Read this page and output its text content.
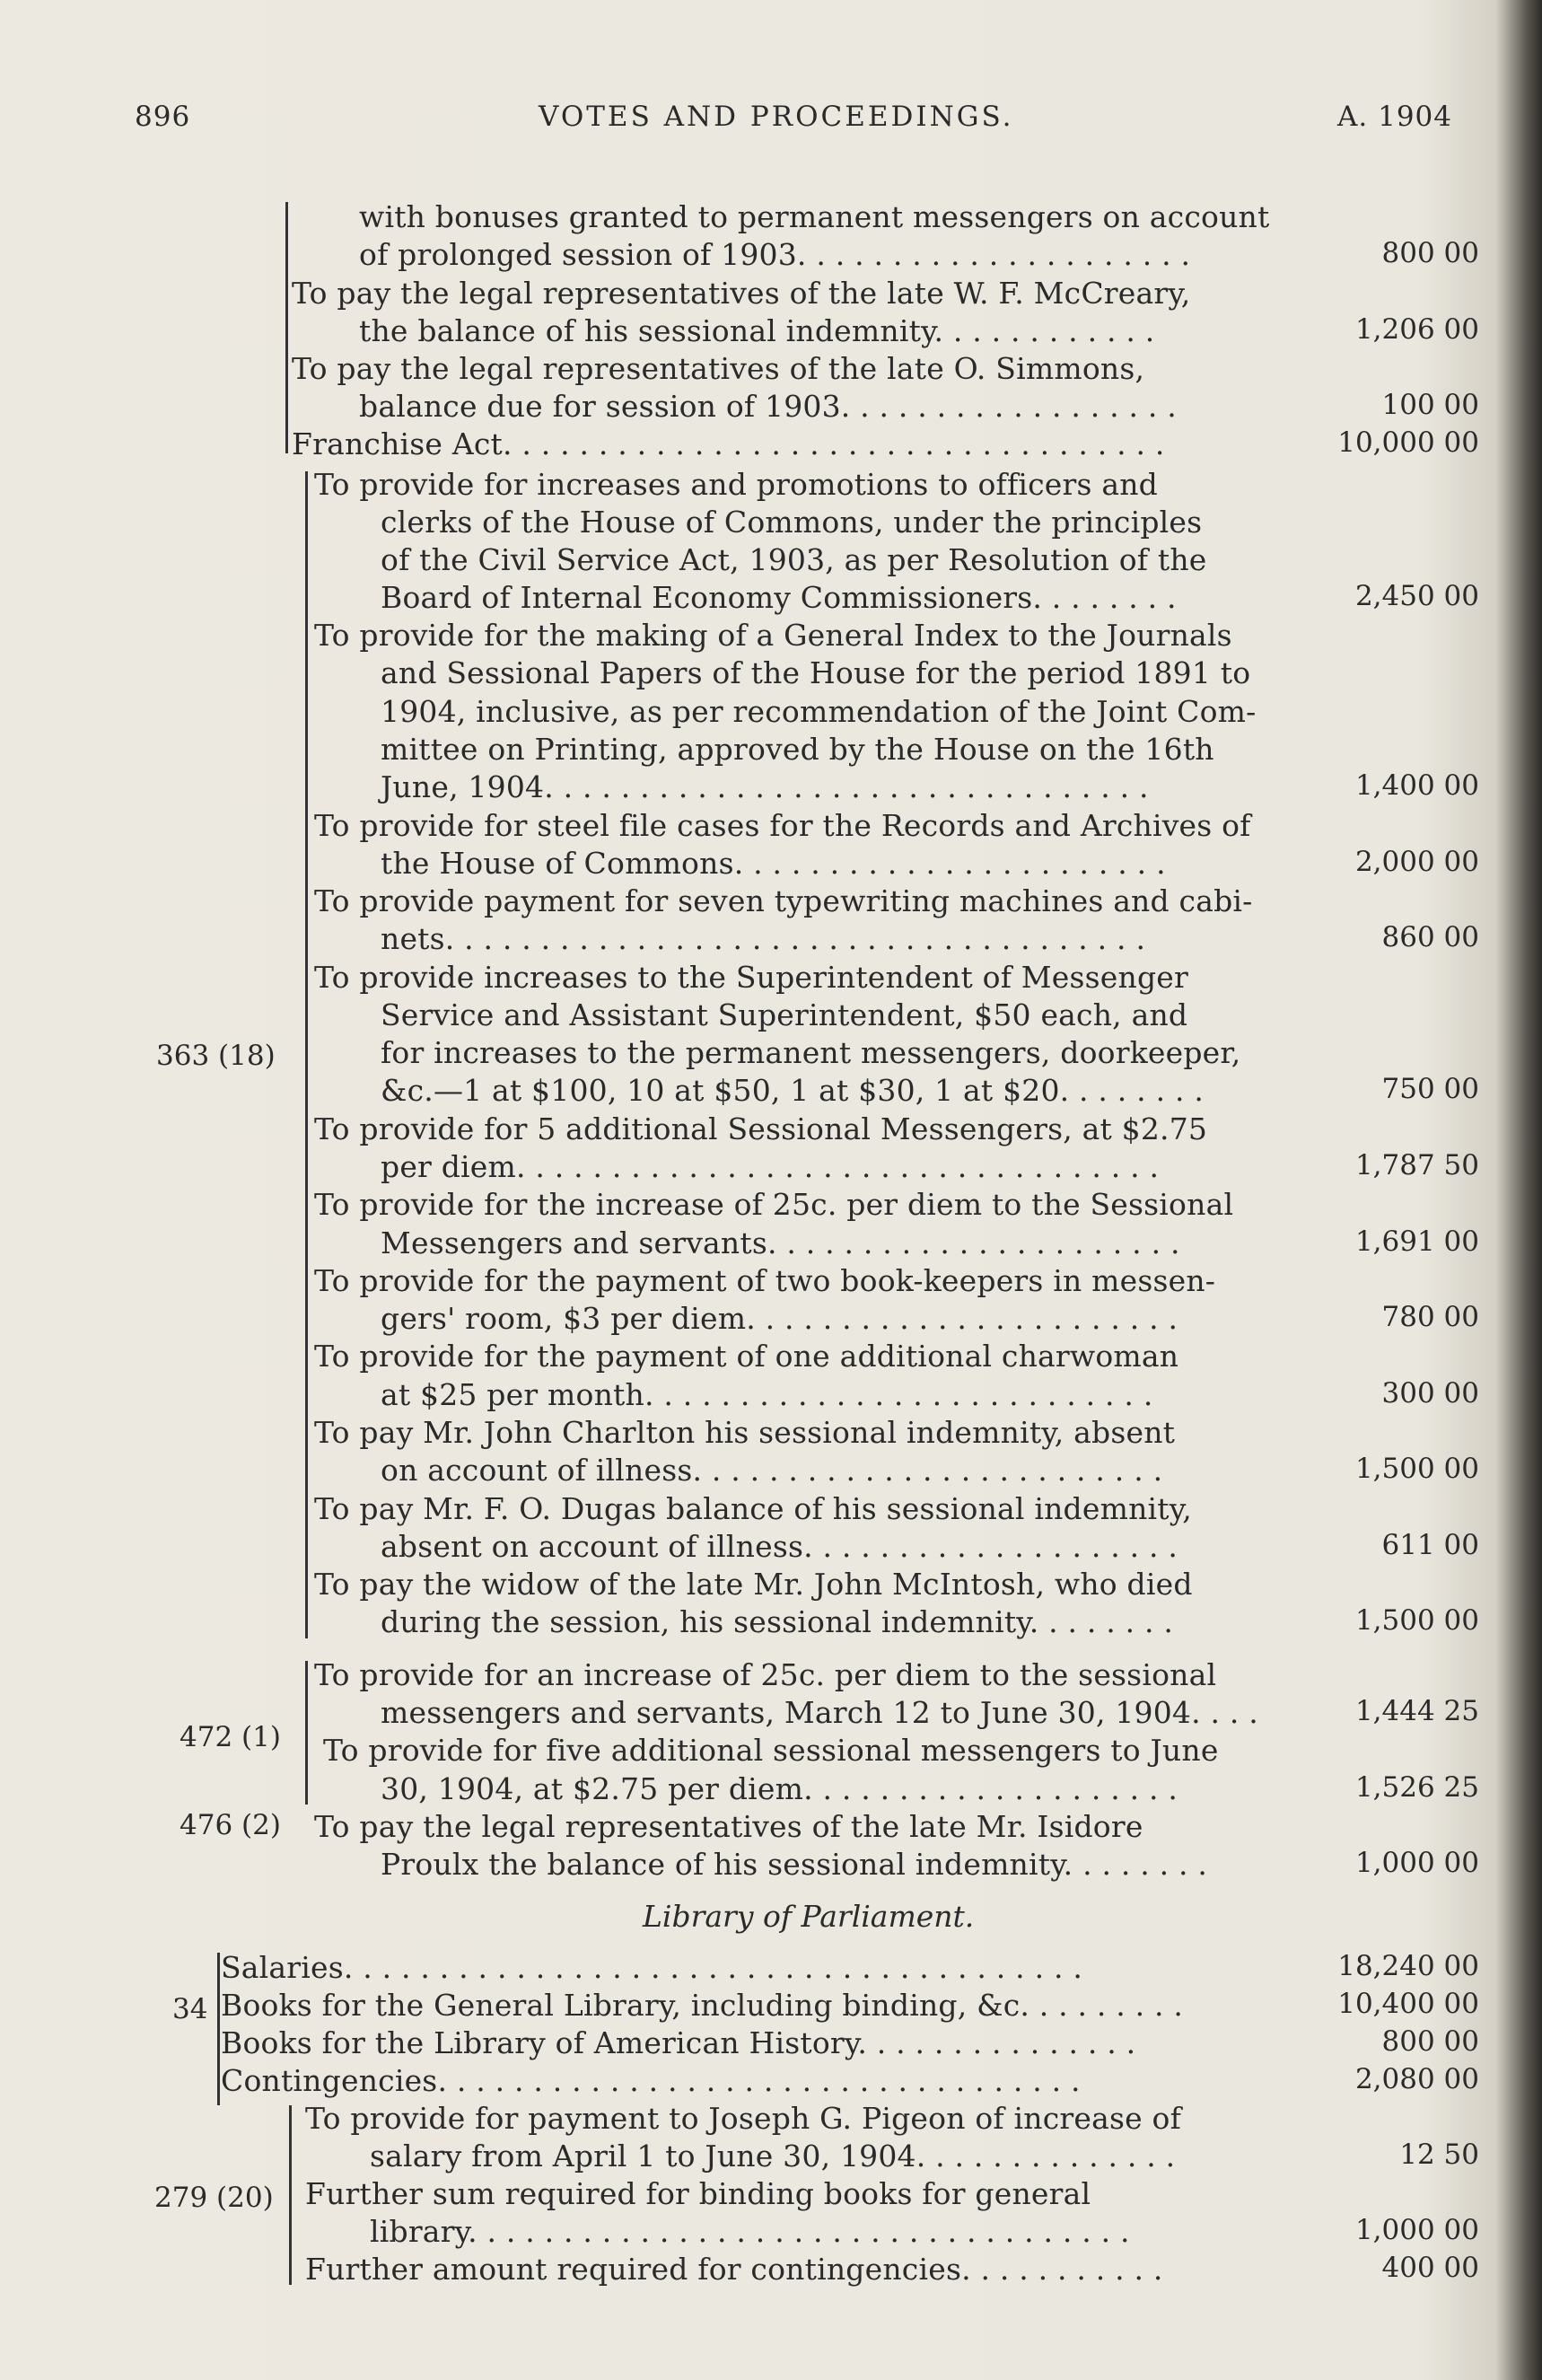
896	VOTES AND PROCEEDINGS.	A. 1904
363 (18)
472 (1)
476 (2)
34
279 (20)
Library of Parliament.
with bonuses granted to permanent messengers on account
of prolonged session of 1903. . . . . . . . . . . . . . . . . . . . .
To pay the legal representatives of the late W. F. McCreary,
the balance of his sessional indemnity. . . . . . . . . . . .
To pay the legal representatives of the late O. Simmons,
balance due for session of 1903. . . . . . . . . . . . . . . . . .
Franchise Act. . . . . . . . . . . . . . . . . . . . . . . . . . . . . . . . . . .
To provide for increases and promotions to officers and
clerks of the House of Commons, under the principles
of the Civil Service Act, 1903, as per Resolution of the
Board of Internal Economy Commissioners. . . . . . . .
To provide for the making of a General Index to the Journals
and Sessional Papers of the House for the period 1891 to
1904, inclusive, as per recommendation of the Joint Com-
mittee on Printing, approved by the House on the 16th
June, 1904. . . . . . . . . . . . . . . . . . . . . . . . . . . . . . . .
To provide for steel file cases for the Records and Archives of
the House of Commons. . . . . . . . . . . . . . . . . . . . . . .
To provide payment for seven typewriting machines and cabi-
nets. . . . . . . . . . . . . . . . . . . . . . . . . . . . . . . . . . . . .
To provide increases to the Superintendent of Messenger
Service and Assistant Superintendent, $50 each, and
for increases to the permanent messengers, doorkeeper,
&c.—1 at $100, 10 at $50, 1 at $30, 1 at $20. . . . . . . .
To provide for 5 additional Sessional Messengers, at $2.75
per diem. . . . . . . . . . . . . . . . . . . . . . . . . . . . . . . . . .
To provide for the increase of 25c. per diem to the Sessional
Messengers and servants. . . . . . . . . . . . . . . . . . . . . .
To provide for the payment of two book-keepers in messen-
gers' room, $3 per diem. . . . . . . . . . . . . . . . . . . . . . .
To provide for the payment of one additional charwoman
at $25 per month. . . . . . . . . . . . . . . . . . . . . . . . . . .
To pay Mr. John Charlton his sessional indemnity, absent
on account of illness. . . . . . . . . . . . . . . . . . . . . . . . .
To pay Mr. F. O. Dugas balance of his sessional indemnity,
absent on account of illness. . . . . . . . . . . . . . . . . . . .
To pay the widow of the late Mr. John McIntosh, who died
during the session, his sessional indemnity. . . . . . . .
To provide for an increase of 25c. per diem to the sessional
messengers and servants, March 12 to June 30, 1904. . . .
To provide for five additional sessional messengers to June
30, 1904, at $2.75 per diem. . . . . . . . . . . . . . . . . . . .
To pay the legal representatives of the late Mr. Isidore
Proulx the balance of his sessional indemnity. . . . . . . .
Salaries. . . . . . . . . . . . . . . . . . . . . . . . . . . . . . . . . . . . . . .
Books for the General Library, including binding, &c. . . . . . . . .
Books for the Library of American History. . . . . . . . . . . . . . .
Contingencies. . . . . . . . . . . . . . . . . . . . . . . . . . . . . . . . . .
To provide for payment to Joseph G. Pigeon of increase of
salary from April 1 to June 30, 1904. . . . . . . . . . . . . .
Further sum required for binding books for general
library. . . . . . . . . . . . . . . . . . . . . . . . . . . . . . . . . . .
Further amount required for contingencies. . . . . . . . . . .
800 00
1,206 00
100 00
10,000 00
2,450 00
1,400 00
2,000 00
860 00
750 00
1,787 50
1,691 00
780 00
300 00
1,500 00
611 00
1,500 00
1,444 25
1,526 25
1,000 00
18,240 00
10,400 00
800 00
2,080 00
12 50
1,000 00
400 00
